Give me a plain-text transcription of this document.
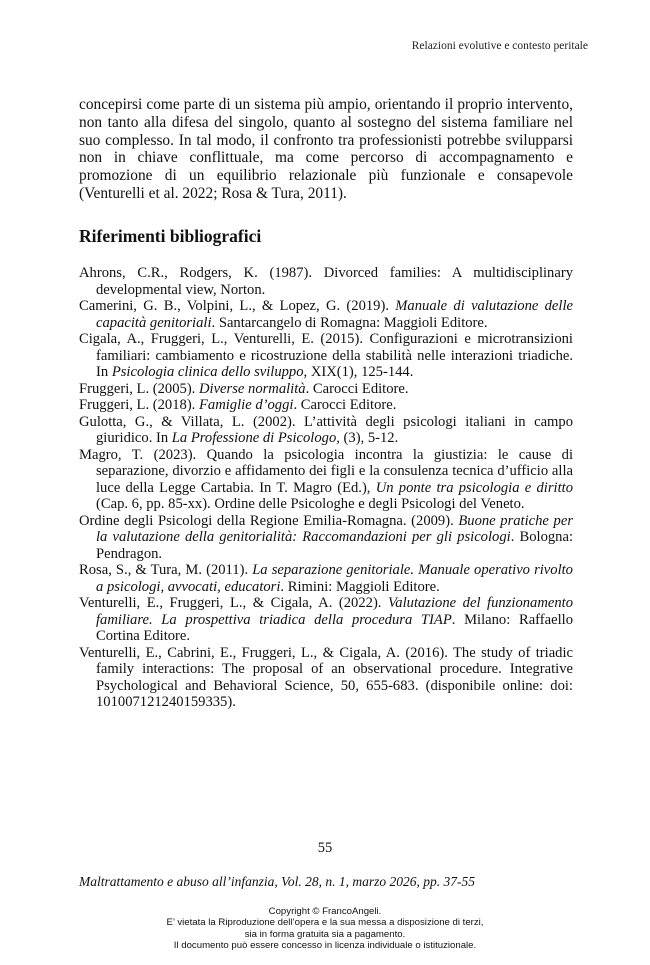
Relazioni evolutive e contesto peritale

concepirsi come parte di un sistema più ampio, orientando il proprio intervento, non tanto alla difesa del singolo, quanto al sostegno del sistema familiare nel suo complesso. In tal modo, il confronto tra professionisti potrebbe svilupparsi non in chiave conflittuale, ma come percorso di accompagnamento e promozione di un equilibrio relazionale più funzionale e consapevole (Venturelli et al. 2022; Rosa & Tura, 2011).

Riferimenti bibliografici

Ahrons, C.R., Rodgers, K. (1987). Divorced families: A multidisciplinary developmental view, Norton.

Camerini, G. B., Volpini, L., & Lopez, G. (2019). Manuale di valutazione delle capacità genitoriali. Santarcangelo di Romagna: Maggioli Editore.

Cigala, A., Fruggeri, L., Venturelli, E. (2015). Configurazioni e microtransizioni familiari: cambiamento e ricostruzione della stabilità nelle interazioni triadiche. In Psicologia clinica dello sviluppo, XIX(1), 125-144.

Fruggeri, L. (2005). Diverse normalità. Carocci Editore.

Fruggeri, L. (2018). Famiglie d’oggi. Carocci Editore.

Gulotta, G., & Villata, L. (2002). L’attività degli psicologi italiani in campo giuridico. In La Professione di Psicologo, (3), 5-12.

Magro, T. (2023). Quando la psicologia incontra la giustizia: le cause di separazione, divorzio e affidamento dei figli e la consulenza tecnica d’ufficio alla luce della Legge Cartabia. In T. Magro (Ed.), Un ponte tra psicologia e diritto (Cap. 6, pp. 85-xx). Ordine delle Psicologhe e degli Psicologi del Veneto.

Ordine degli Psicologi della Regione Emilia-Romagna. (2009). Buone pratiche per la valutazione della genitorialità: Raccomandazioni per gli psicologi. Bologna: Pendragon.

Rosa, S., & Tura, M. (2011). La separazione genitoriale. Manuale operativo rivolto a psicologi, avvocati, educatori. Rimini: Maggioli Editore.

Venturelli, E., Fruggeri, L., & Cigala, A. (2022). Valutazione del funzionamento familiare. La prospettiva triadica della procedura TIAP. Milano: Raffaello Cortina Editore.

Venturelli, E., Cabrini, E., Fruggeri, L., & Cigala, A. (2016). The study of triadic family interactions: The proposal of an observational procedure. Integrative Psychological and Behavioral Science, 50, 655-683. (disponibile online: doi: 101007121240159335).

55
Maltrattamento e abuso all’infanzia, Vol. 28, n. 1, marzo 2026, pp. 37-55
Copyright © FrancoAngeli.
E’ vietata la Riproduzione dell’opera e la sua messa a disposizione di terzi,
sia in forma gratuita sia a pagamento.
Il documento può essere concesso in licenza individuale o istituzionale.
